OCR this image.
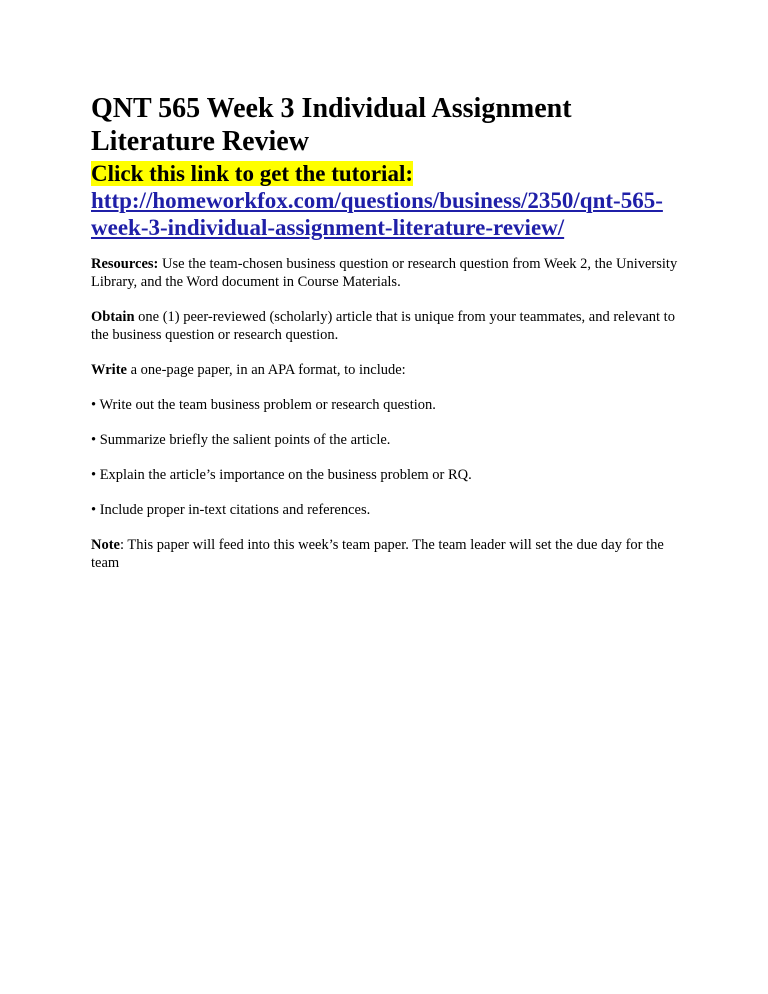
QNT 565 Week 3 Individual Assignment Literature Review
Click this link to get the tutorial:
http://homeworkfox.com/questions/business/2350/qnt-565-week-3-individual-assignment-literature-review/

Resources: Use the team-chosen business question or research question from Week 2, the University Library, and the Word document in Course Materials.

Obtain one (1) peer-reviewed (scholarly) article that is unique from your teammates, and relevant to the business question or research question.

Write a one-page paper, in an APA format, to include:

• Write out the team business problem or research question.

• Summarize briefly the salient points of the article.

• Explain the article’s importance on the business problem or RQ.

• Include proper in-text citations and references.

Note: This paper will feed into this week’s team paper. The team leader will set the due day for the team
